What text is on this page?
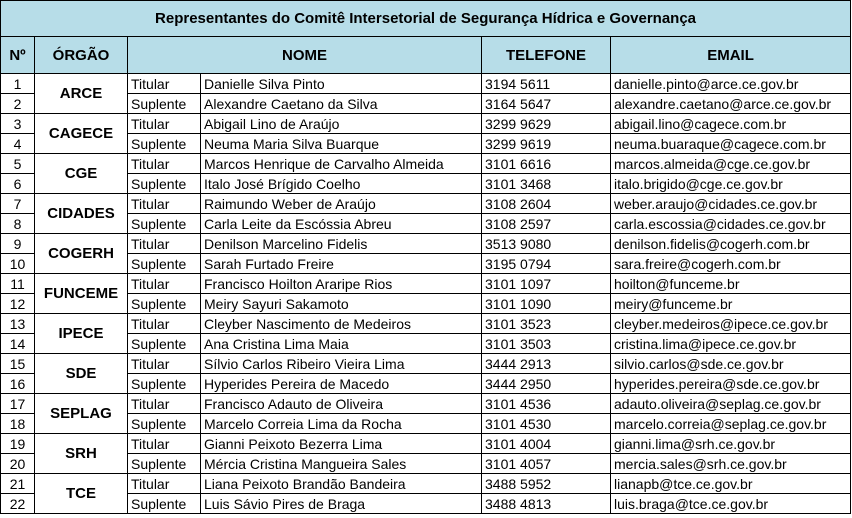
Representantes do Comitê Intersetorial de Segurança Hídrica e Governança					
Nº	ÓRGÃO	NOME		TELEFONE	EMAIL
1	ARCE	Titular	Danielle Silva Pinto	3194 5611	danielle.pinto@arce.ce.gov.br
2		Suplente	Alexandre Caetano da Silva	3164 5647	alexandre.caetano@arce.ce.gov.br
3	CAGECE	Titular	Abigail Lino de Araújo	3299 9629	abigail.lino@cagece.com.br
4		Suplente	Neuma Maria Silva Buarque	3299 9619	neuma.buaraque@cagece.com.br
5	CGE	Titular	Marcos Henrique de Carvalho Almeida	3101 6616	marcos.almeida@cge.ce.gov.br
6		Suplente	Italo José Brígido Coelho	3101 3468	italo.brigido@cge.ce.gov.br
7	CIDADES	Titular	Raimundo Weber de Araújo	3108 2604	weber.araujo@cidades.ce.gov.br
8		Suplente	Carla Leite da Escóssia Abreu	3108 2597	carla.escossia@cidades.ce.gov.br
9	COGERH	Titular	Denilson Marcelino Fidelis	3513 9080	denilson.fidelis@cogerh.com.br
10		Suplente	Sarah Furtado Freire	3195 0794	sara.freire@cogerh.com.br
11	FUNCEME	Titular	Francisco Hoilton Araripe Rios	3101 1097	hoilton@funceme.br
12		Suplente	Meiry Sayuri Sakamoto	3101 1090	meiry@funceme.br
13	IPECE	Titular	Cleyber Nascimento de Medeiros	3101 3523	cleyber.medeiros@ipece.ce.gov.br
14		Suplente	Ana Cristina Lima Maia	3101 3503	cristina.lima@ipece.ce.gov.br
15	SDE	Titular	Sílvio Carlos Ribeiro Vieira Lima	3444 2913	silvio.carlos@sde.ce.gov.br
16		Suplente	Hyperides Pereira de Macedo	3444 2950	hyperides.pereira@sde.ce.gov.br
17	SEPLAG	Titular	Francisco Adauto de Oliveira	3101 4536	adauto.oliveira@seplag.ce.gov.br
18		Suplente	Marcelo Correia Lima da Rocha	3101 4530	marcelo.correia@seplag.ce.gov.br
19	SRH	Titular	Gianni Peixoto Bezerra Lima	3101 4004	gianni.lima@srh.ce.gov.br
20		Suplente	Mércia Cristina Mangueira Sales	3101 4057	mercia.sales@srh.ce.gov.br
21	TCE	Titular	Liana Peixoto Brandão Bandeira	3488 5952	lianapb@tce.ce.gov.br
22		Suplente	Luis Sávio Pires de Braga	3488 4813	luis.braga@tce.ce.gov.br
